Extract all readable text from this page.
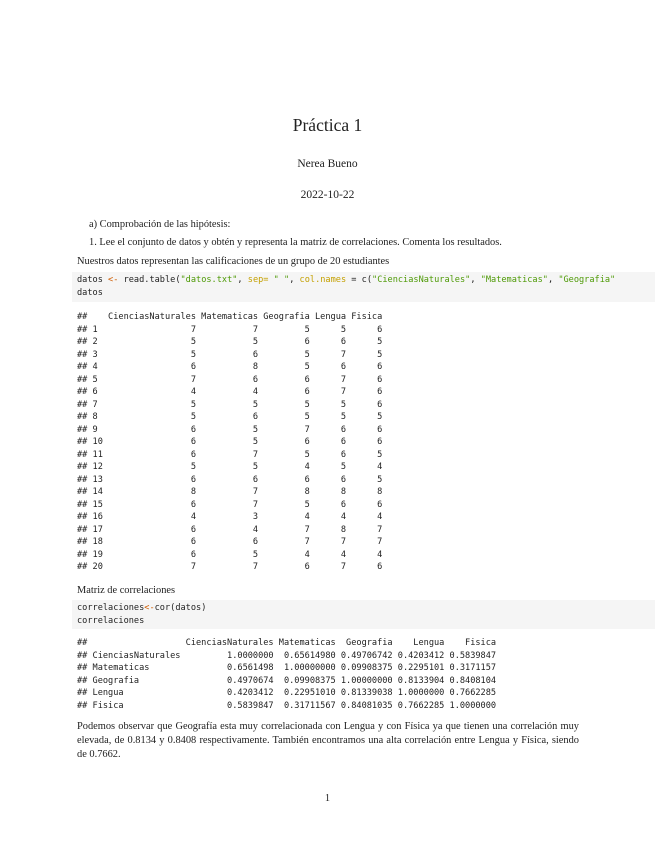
Práctica 1
Nerea Bueno
2022-10-22
a) Comprobación de las hipótesis:
1. Lee el conjunto de datos y obtén y representa la matriz de correlaciones. Comenta los resultados.
Nuestros datos representan las calificaciones de un grupo de 20 estudiantes
datos <- read.table("datos.txt", sep= " ", col.names = c("CienciasNaturales", "Matematicas", "Geografia"
datos
##    CienciasNaturales Matematicas Geografia Lengua Fisica
## 1                  7           7         5      5      6
## 2                  5           5         6      6      5
## 3                  5           6         5      7      5
## 4                  6           8         5      6      6
## 5                  7           6         6      7      6
## 6                  4           4         6      7      6
## 7                  5           5         5      5      6
## 8                  5           6         5      5      5
## 9                  6           5         7      6      6
## 10                 6           5         6      6      6
## 11                 6           7         5      6      5
## 12                 5           5         4      5      4
## 13                 6           6         6      6      5
## 14                 8           7         8      8      8
## 15                 6           7         5      6      6
## 16                 4           3         4      4      4
## 17                 6           4         7      8      7
## 18                 6           6         7      7      7
## 19                 6           5         4      4      4
## 20                 7           7         6      7      6
Matriz de correlaciones
correlaciones<-cor(datos)
correlaciones
##                   CienciasNaturales Matematicas  Geografia    Lengua    Fisica
## CienciasNaturales         1.0000000  0.65614980 0.49706742 0.4203412 0.5839847
## Matematicas               0.6561498  1.00000000 0.09908375 0.2295101 0.3171157
## Geografia                 0.4970674  0.09908375 1.00000000 0.8133904 0.8408104
## Lengua                    0.4203412  0.22951010 0.81339038 1.0000000 0.7662285
## Fisica                    0.5839847  0.31711567 0.84081035 0.7662285 1.0000000
Podemos observar que Geografía esta muy correlacionada con Lengua y con Física ya que tienen una correlación muy elevada, de 0.8134 y 0.8408 respectivamente. También encontramos una alta correlación entre Lengua y Física, siendo de 0.7662.
1
